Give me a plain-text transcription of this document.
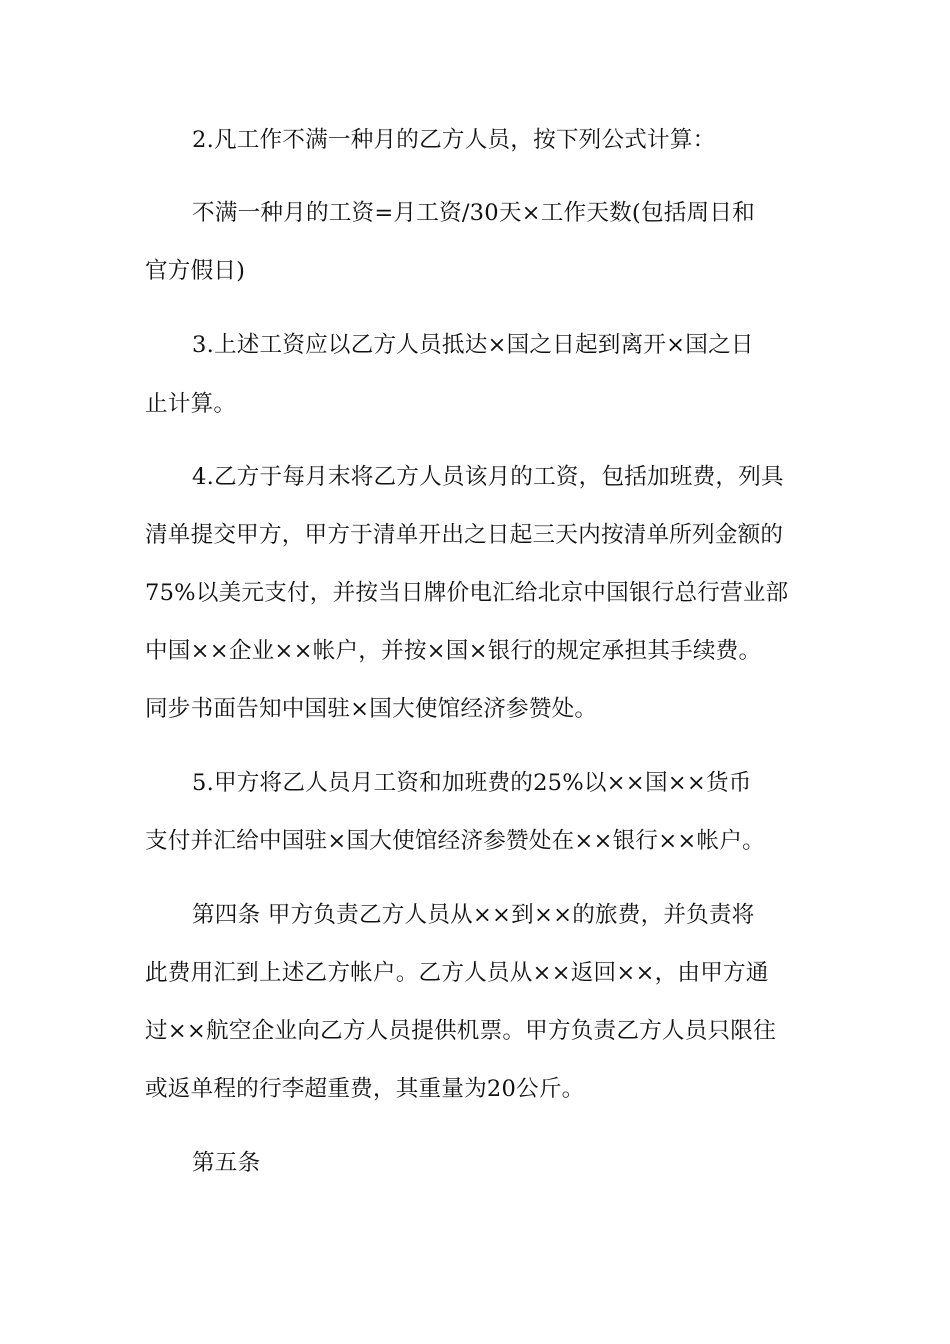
2.凡工作不满一种月的乙方人员，按下列公式计算：
不满一种月的工资=月工资/30天×工作天数(包括周日和
官方假日)
3.上述工资应以乙方人员抵达×国之日起到离开×国之日
止计算。
4.乙方于每月末将乙方人员该月的工资，包括加班费，列具
清单提交甲方，甲方于清单开出之日起三天内按清单所列金额的
75%以美元支付，并按当日牌价电汇给北京中国银行总行营业部
中国××企业××帐户，并按×国×银行的规定承担其手续费。
同步书面告知中国驻×国大使馆经济参赞处。
5.甲方将乙人员月工资和加班费的25%以××国××货币
支付并汇给中国驻×国大使馆经济参赞处在××银行××帐户。
第四条 甲方负责乙方人员从××到××的旅费，并负责将
此费用汇到上述乙方帐户。乙方人员从××返回××，由甲方通
过××航空企业向乙方人员提供机票。甲方负责乙方人员只限往
或返单程的行李超重费，其重量为20公斤。
第五条
